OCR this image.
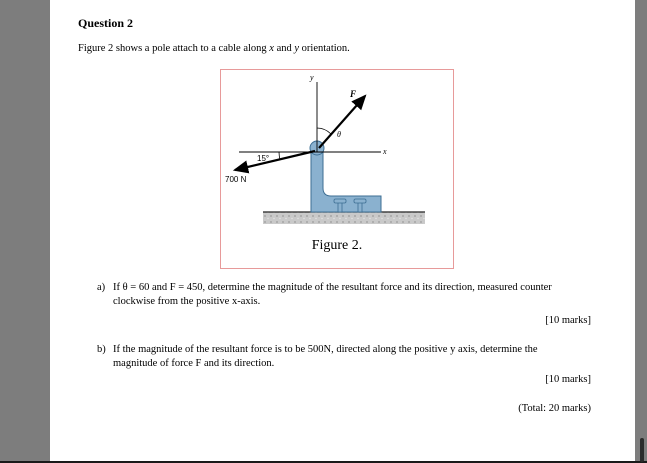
Question 2
Figure 2 shows a pole attach to a cable along x and y orientation.
y
x
F
θ
15°
700 N
Figure 2.
a) If θ = 60 and F = 450, determine the magnitude of the resultant force and its direction, measured counter
clockwise from the positive x-axis.
[10 marks]
b) If the magnitude of the resultant force is to be 500N, directed along the positive y axis, determine the
magnitude of force F and its direction.
[10 marks]
(Total: 20 marks)
